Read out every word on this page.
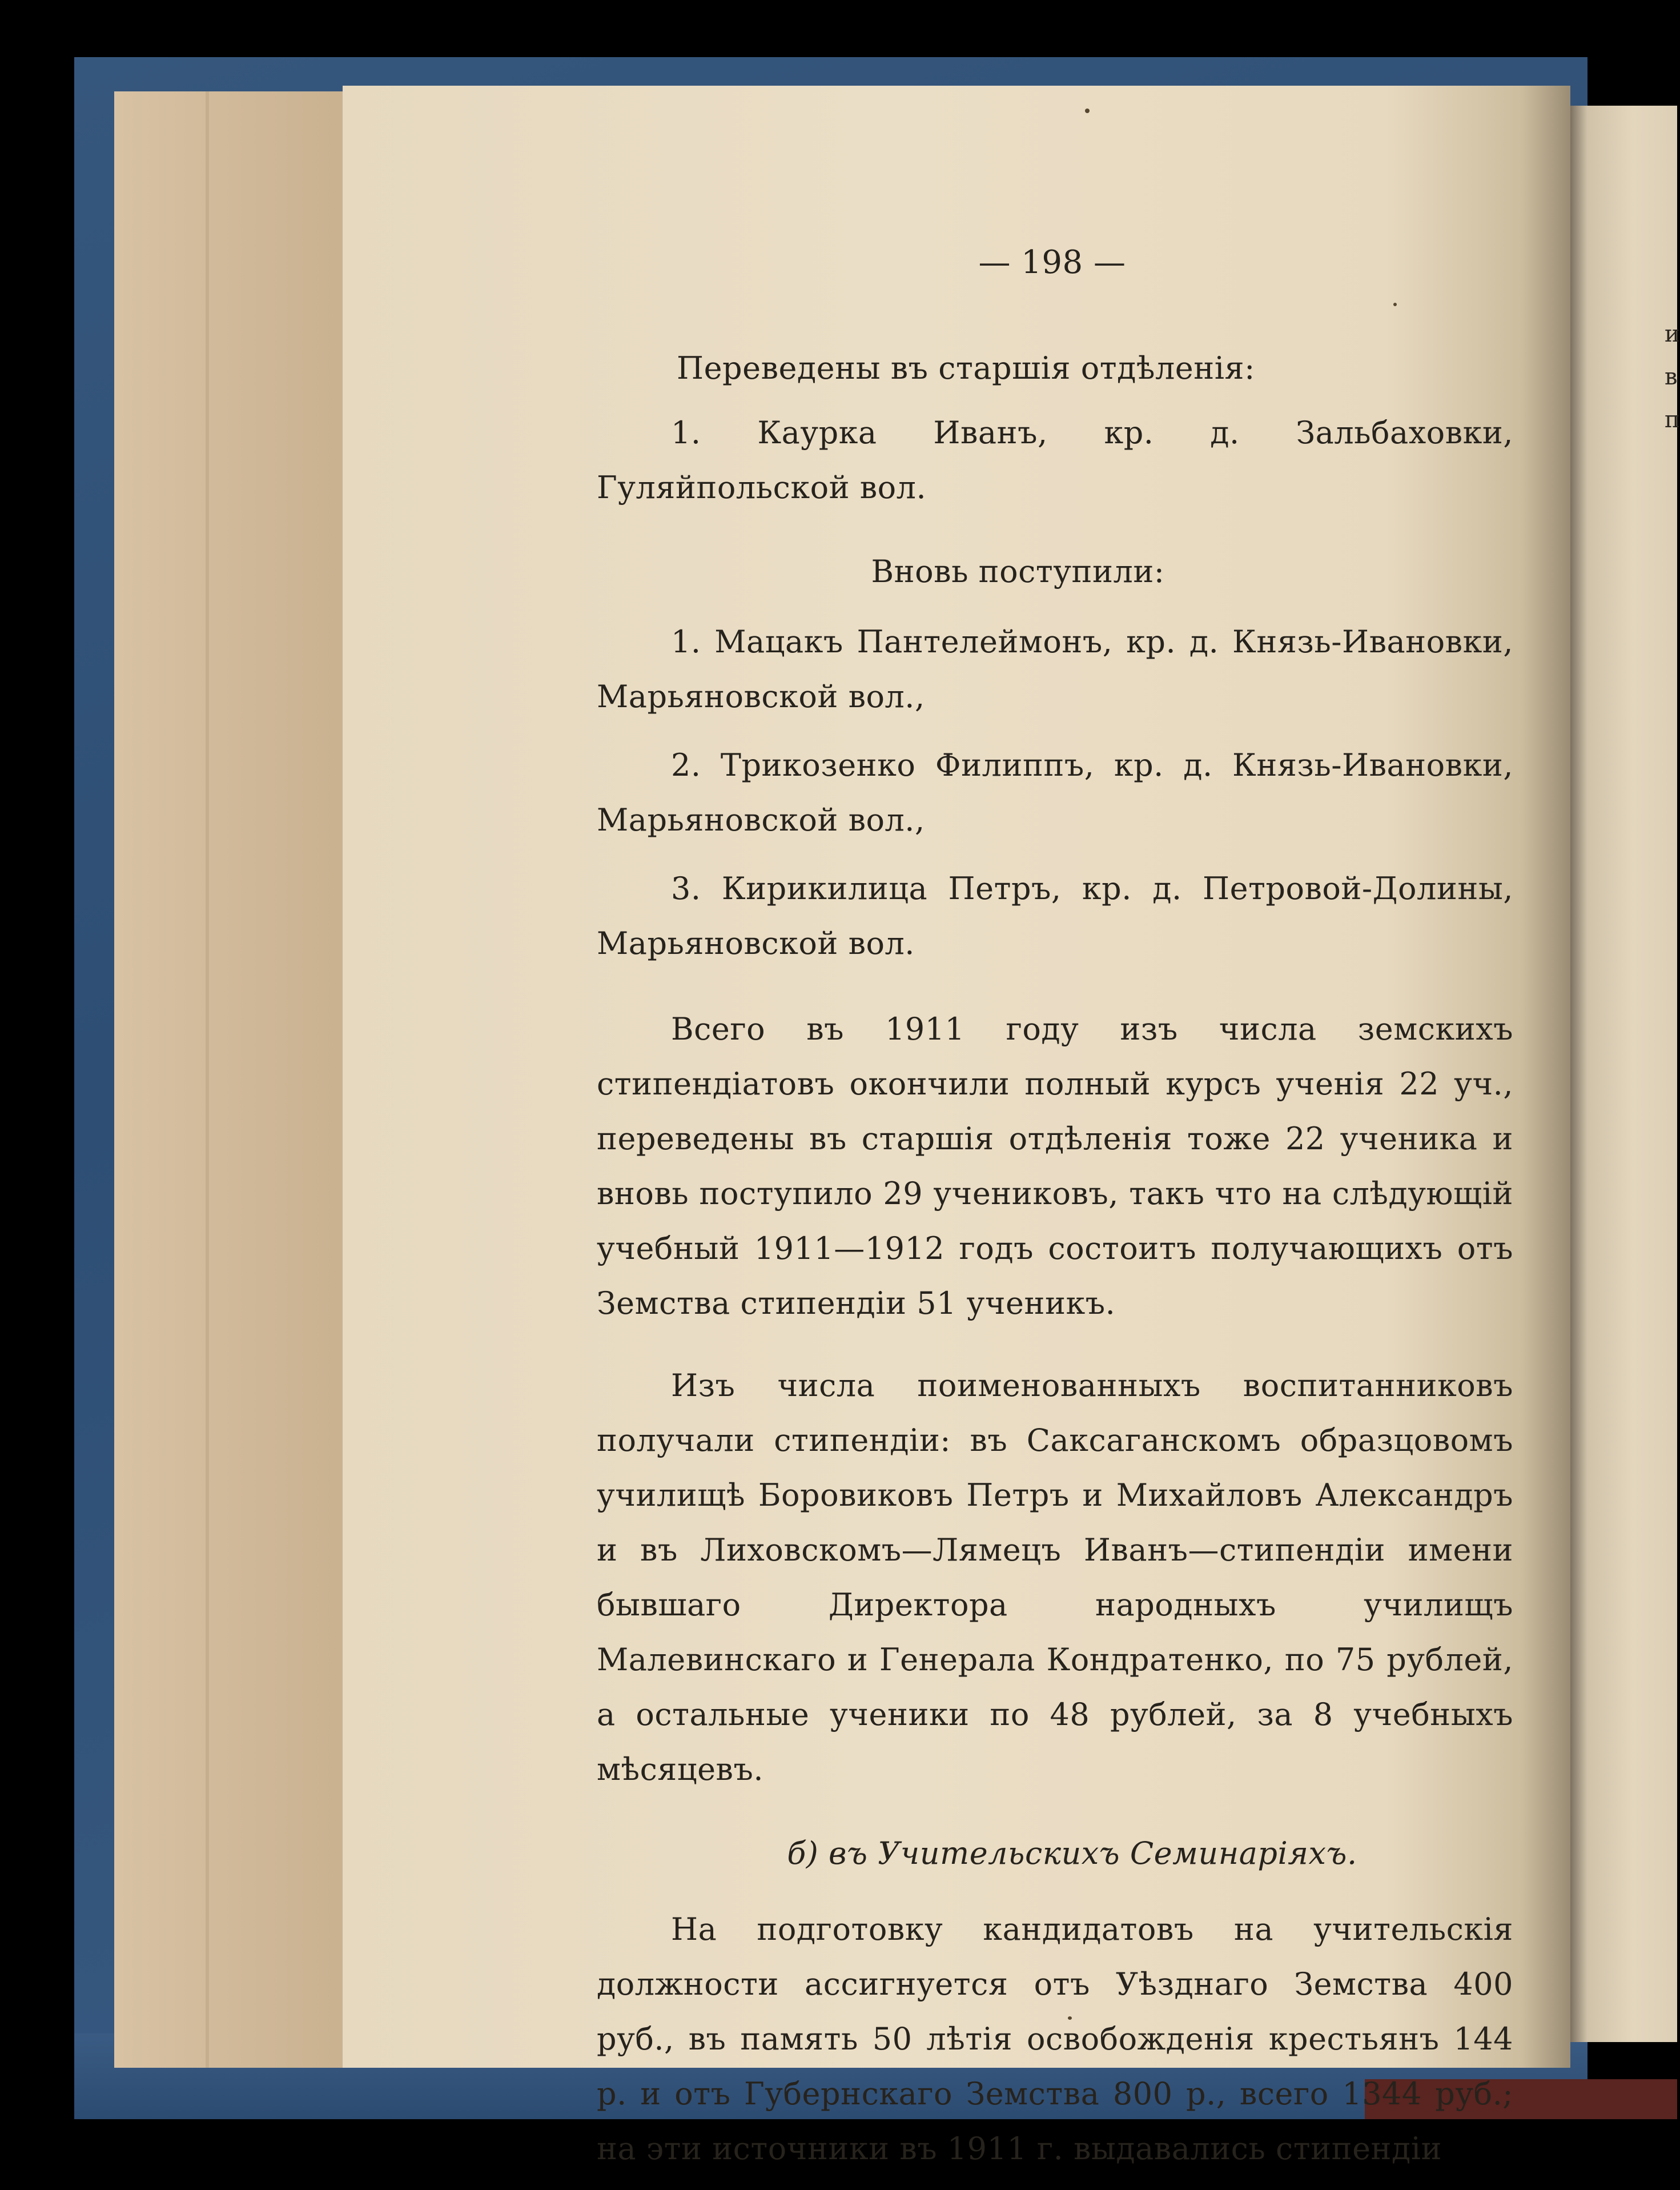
и
в
п
— 198 —
Переведены въ старшія отдѣленія:

1. Каурка Иванъ, кр. д. Зальбаховки, Гуляйпольской вол.

Вновь поступили:

1. Мацакъ Пантелеймонъ, кр. д. Князь-Ивановки, Марьяновской вол.,

2. Трикозенко Филиппъ, кр. д. Князь-Ивановки, Марьяновской вол.,

3. Кирикилица Петръ, кр. д. Петровой-Долины, Марьяновской вол.

Всего въ 1911 году изъ числа земскихъ стипендіатовъ окончили полный курсъ ученія 22 уч., переведены въ старшія отдѣленія тоже 22 ученика и вновь поступило 29 учениковъ, такъ что на слѣдующій учебный 1911—1912 годъ состоитъ получающихъ отъ Земства стипендіи 51 ученикъ.

Изъ числа поименованныхъ воспитанниковъ получали стипендіи: въ Саксаганскомъ образцовомъ училищѣ Боровиковъ Петръ и Михайловъ Александръ и въ Лиховскомъ—Лямецъ Иванъ—стипендіи имени бывшаго Директора народныхъ училищъ Малевинскаго и Генерала Кондратенко, по 75 рублей, а остальные ученики по 48 рублей, за 8 учебныхъ мѣсяцевъ.

б) въ Учительскихъ Семинаріяхъ.

На подготовку кандидатовъ на учительскія должности ассигнуется отъ Уѣзднаго Земства 400 руб., въ память 50 лѣтія освобожденія крестьянъ 144 р. и отъ Губернскаго Земства 800 р., всего 1344 руб.; на эти источники въ 1911 г. выдавались стипендіи
